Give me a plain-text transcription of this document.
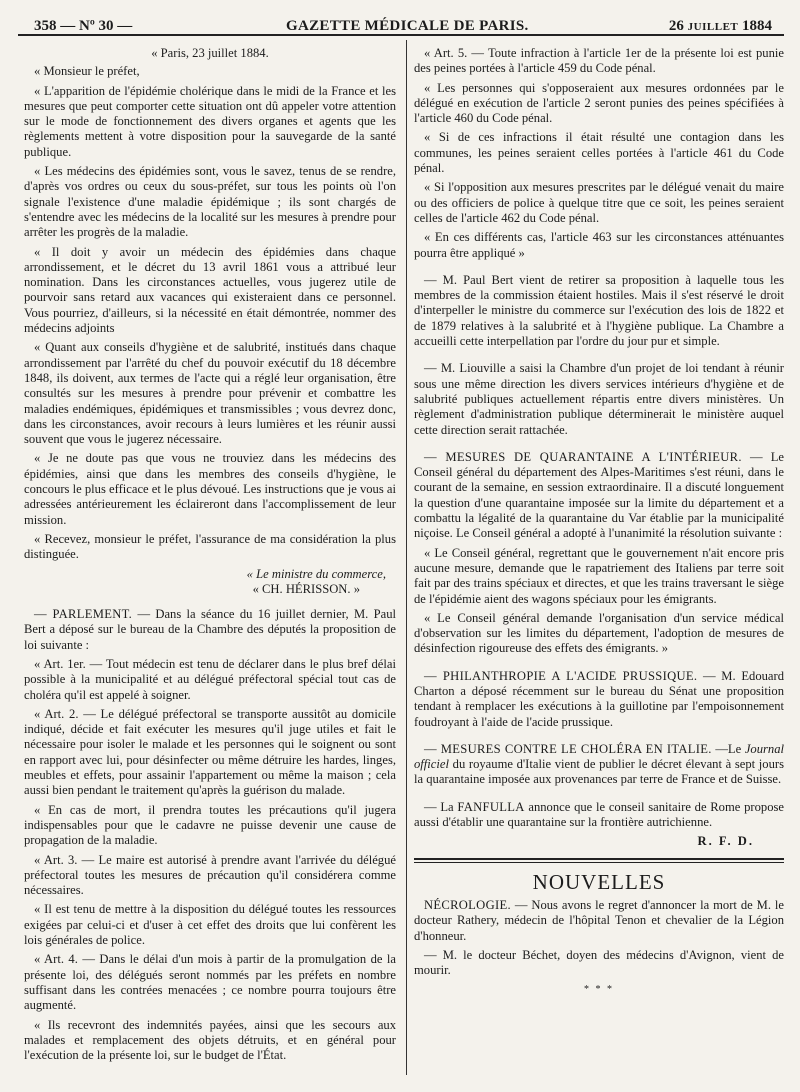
358 — Nº 30 —	GAZETTE MÉDICALE DE PARIS.	26 JUILLET 1884

« Paris, 23 juillet 1884.

« Monsieur le préfet,

« L'apparition de l'épidémie cholérique dans le midi de la France et les mesures que peut comporter cette situation ont dû appeler votre attention sur le mode de fonctionnement des divers organes et agents que les règlements mettent à votre disposition pour la sauvegarde de la santé publique.

« Les médecins des épidémies sont, vous le savez, tenus de se rendre, d'après vos ordres ou ceux du sous-préfet, sur tous les points où l'on signale l'existence d'une maladie épidémique ; ils sont chargés de s'entendre avec les médecins de la localité sur les mesures à prendre pour arrêter les progrès de la maladie.

« Il doit y avoir un médecin des épidémies dans chaque arrondissement, et le décret du 13 avril 1861 vous a attribué leur nomination. Dans les circonstances actuelles, vous jugerez utile de pourvoir sans retard aux vacances qui existeraient dans ce personnel. Vous pourriez, d'ailleurs, si la nécessité en était démontrée, nommer des médecins adjoints

« Quant aux conseils d'hygiène et de salubrité, institués dans chaque arrondissement par l'arrêté du chef du pouvoir exécutif du 18 décembre 1848, ils doivent, aux termes de l'acte qui a réglé leur organisation, être consultés sur les mesures à prendre pour prévenir et combattre les maladies endémiques, épidémiques et transmissibles ; vous devrez donc, dans les circonstances, avoir recours à leurs lumières et les réunir aussi souvent que vous le jugerez nécessaire.

« Je ne doute pas que vous ne trouviez dans les médecins des épidémies, ainsi que dans les membres des conseils d'hygiène, le concours le plus efficace et le plus dévoué. Les instructions que je vous ai adressées antérieurement les éclaireront dans l'accomplissement de leur mission.

« Recevez, monsieur le préfet, l'assurance de ma considération la plus distinguée.

« Le ministre du commerce,

« CH. HÉRISSON. »

— PARLEMENT. — Dans la séance du 16 juillet dernier, M. Paul Bert a déposé sur le bureau de la Chambre des députés la proposition de loi suivante :

« Art. 1er. — Tout médecin est tenu de déclarer dans le plus bref délai possible à la municipalité et au délégué préfectoral spécial tout cas de choléra qu'il est appelé à soigner.

« Art. 2. — Le délégué préfectoral se transporte aussitôt au domicile indiqué, décide et fait exécuter les mesures qu'il juge utiles et fait le nécessaire pour isoler le malade et les personnes qui le soignent ou sont en rapport avec lui, pour désinfecter ou même détruire les hardes, linges, meubles et effets, pour assainir l'appartement ou même la maison ; cela aussi bien pendant le traitement qu'après la guérison du malade.

« En cas de mort, il prendra toutes les précautions qu'il jugera indispensables pour que le cadavre ne puisse devenir une cause de propagation de la maladie.

« Art. 3. — Le maire est autorisé à prendre avant l'arrivée du délégué préfectoral toutes les mesures de précaution qu'il considérera comme nécessaires.

« Il est tenu de mettre à la disposition du délégué toutes les ressources exigées par celui-ci et d'user à cet effet des droits que lui confèrent les lois générales de police.

« Art. 4. — Dans le délai d'un mois à partir de la promulgation de la présente loi, des délégués seront nommés par les préfets en nombre suffisant dans les contrées menacées ; ce nombre pourra toujours être augmenté.

« Ils recevront des indemnités payées, ainsi que les secours aux malades et remplacement des objets détruits, et en général pour l'exécution de la présente loi, sur le budget de l'État.

« Art. 5. — Toute infraction à l'article 1er de la présente loi est punie des peines portées à l'article 459 du Code pénal.

« Les personnes qui s'opposeraient aux mesures ordonnées par le délégué en exécution de l'article 2 seront punies des peines spécifiées à l'article 460 du Code pénal.

« Si de ces infractions il était résulté une contagion dans les communes, les peines seraient celles portées à l'article 461 du Code pénal.

« Si l'opposition aux mesures prescrites par le délégué venait du maire ou des officiers de police à quelque titre que ce soit, les peines seraient celles de l'article 462 du Code pénal.

« En ces différents cas, l'article 463 sur les circonstances atténuantes pourra être appliqué »

— M. Paul Bert vient de retirer sa proposition à laquelle tous les membres de la commission étaient hostiles. Mais il s'est réservé le droit d'interpeller le ministre du commerce sur l'exécution des lois de 1822 et de 1879 relatives à la salubrité et à l'hygiène publique. La Chambre a accueilli cette interpellation par l'ordre du jour pur et simple.

— M. Liouville a saisi la Chambre d'un projet de loi tendant à réunir sous une même direction les divers services intérieurs d'hygiène et de salubrité publiques actuellement répartis entre divers ministères. Un règlement d'administration publique déterminerait le ministère auquel cette direction serait rattachée.

— MESURES DE QUARANTAINE A L'INTÉRIEUR. — Le Conseil général du département des Alpes-Maritimes s'est réuni, dans le courant de la semaine, en session extraordinaire. Il a discuté longuement la question d'une quarantaine imposée sur la limite du département et a combattu la légalité de la quarantaine du Var établie par la municipalité niçoise. Le Conseil général a adopté à l'unanimité la résolution suivante :

« Le Conseil général, regrettant que le gouvernement n'ait encore pris aucune mesure, demande que le rapatriement des Italiens par terre soit fait par des trains spéciaux et directes, et que les trains traversant le siège de l'épidémie aient des wagons spéciaux pour les émigrants.

« Le Conseil général demande l'organisation d'un service médical d'observation sur les limites du département, l'adoption de mesures de désinfection rigoureuse des effets des émigrants. »

— PHILANTHROPIE A L'ACIDE PRUSSIQUE. — M. Edouard Charton a déposé récemment sur le bureau du Sénat une proposition tendant à remplacer les exécutions à la guillotine par l'empoisonnement foudroyant à l'aide de l'acide prussique.

— MESURES CONTRE LE CHOLÉRA EN ITALIE. —Le Journal officiel du royaume d'Italie vient de publier le décret élevant à sept jours la quarantaine imposée aux provenances par terre de France et de Suisse.

— La FANFULLA annonce que le conseil sanitaire de Rome propose aussi d'établir une quarantaine sur la frontière autrichienne.

R. F. D.

NOUVELLES

NÉCROLOGIE. — Nous avons le regret d'annoncer la mort de M. le docteur Rathery, médecin de l'hôpital Tenon et chevalier de la Légion d'honneur.

— M. le docteur Béchet, doyen des médecins d'Avignon, vient de mourir.

* * *
